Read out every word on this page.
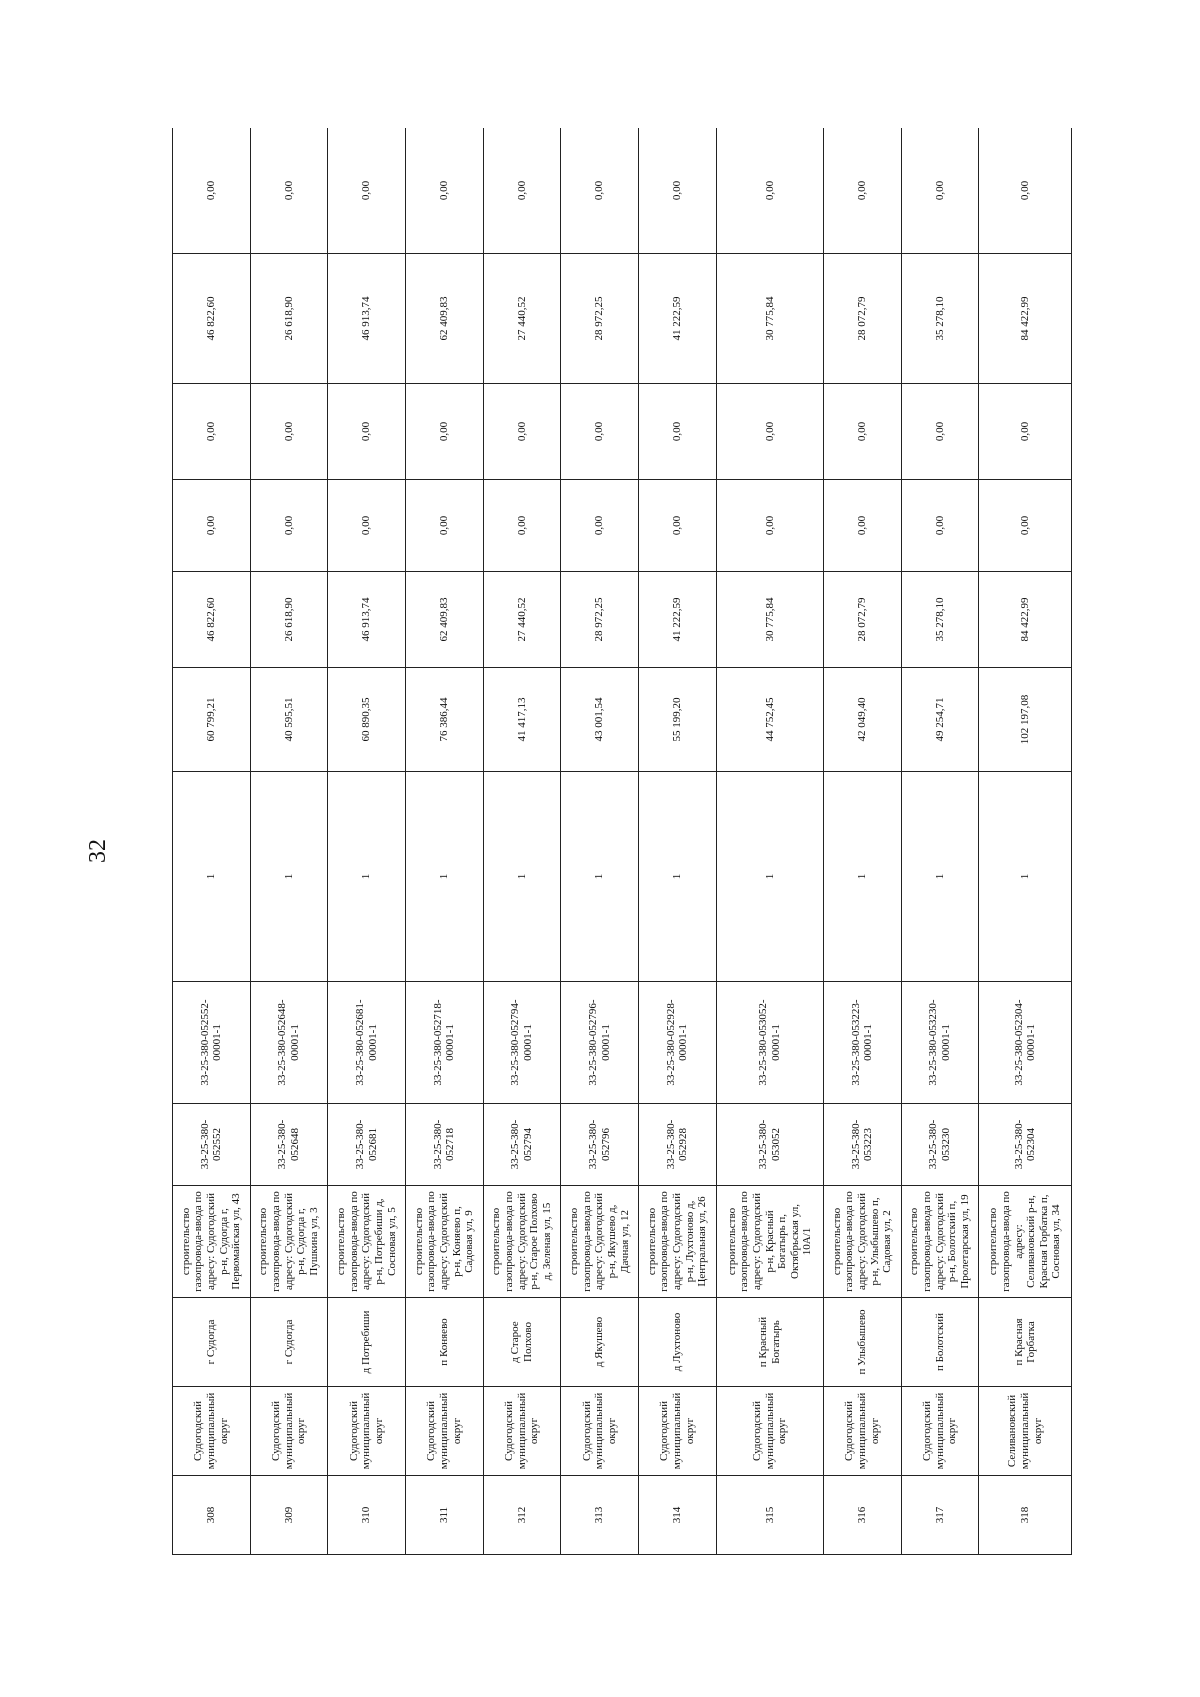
32
308	Судогодский муниципальный округ	г Судогда	строительство газопровода-ввода по адресу: Судогодский р-н, Судогда г, Первомайская ул, 43	33-25-380-052552	33-25-380-052552-00001-1	1	60 799,21	46 822,60	0,00	0,00	46 822,60	0,00
309	Судогодский муниципальный округ	г Судогда	строительство газопровода-ввода по адресу: Судогодский р-н, Судогда г, Пушкина ул, 3	33-25-380-052648	33-25-380-052648-00001-1	1	40 595,51	26 618,90	0,00	0,00	26 618,90	0,00
310	Судогодский муниципальный округ	д Потребиши	строительство газопровода-ввода по адресу: Судогодский р-н, Потребиши д, Сосновая ул, 5	33-25-380-052681	33-25-380-052681-00001-1	1	60 890,35	46 913,74	0,00	0,00	46 913,74	0,00
311	Судогодский муниципальный округ	п Коняево	строительство газопровода-ввода по адресу: Судогодский р-н, Коняево п, Садовая ул, 9	33-25-380-052718	33-25-380-052718-00001-1	1	76 386,44	62 409,83	0,00	0,00	62 409,83	0,00
312	Судогодский муниципальный округ	д Старое Полхово	строительство газопровода-ввода по адресу: Судогодский р-н, Старое Полхово д, Зеленая ул, 15	33-25-380-052794	33-25-380-052794-00001-1	1	41 417,13	27 440,52	0,00	0,00	27 440,52	0,00
313	Судогодский муниципальный округ	д Якушево	строительство газопровода-ввода по адресу: Судогодский р-н, Якушево д, Дачная ул, 12	33-25-380-052796	33-25-380-052796-00001-1	1	43 001,54	28 972,25	0,00	0,00	28 972,25	0,00
314	Судогодский муниципальный округ	д Лухтоново	строительство газопровода-ввода по адресу: Судогодский р-н, Лухтоново д, Центральная ул, 26	33-25-380-052928	33-25-380-052928-00001-1	1	55 199,20	41 222,59	0,00	0,00	41 222,59	0,00
315	Судогодский муниципальный округ	п Красный Богатырь	строительство газопровода-ввода по адресу: Судогодский р-н, Красный Богатырь п, Октябрьская ул, 10А/1	33-25-380-053052	33-25-380-053052-00001-1	1	44 752,45	30 775,84	0,00	0,00	30 775,84	0,00
316	Судогодский муниципальный округ	п Улыбышево	строительство газопровода-ввода по адресу: Судогодский р-н, Улыбышево п, Садовая ул, 2	33-25-380-053223	33-25-380-053223-00001-1	1	42 049,40	28 072,79	0,00	0,00	28 072,79	0,00
317	Судогодский муниципальный округ	п Болотский	строительство газопровода-ввода по адресу: Судогодский р-н, Болотский п, Пролетарская ул, 19	33-25-380-053230	33-25-380-053230-00001-1	1	49 254,71	35 278,10	0,00	0,00	35 278,10	0,00
318	Селивановский муниципальный округ	п Красная Горбатка	строительство газопровода-ввода по адресу: Селивановский р-н, Красная Горбатка п, Сосновая ул, 34	33-25-380-052304	33-25-380-052304-00001-1	1	102 197,08	84 422,99	0,00	0,00	84 422,99	0,00
